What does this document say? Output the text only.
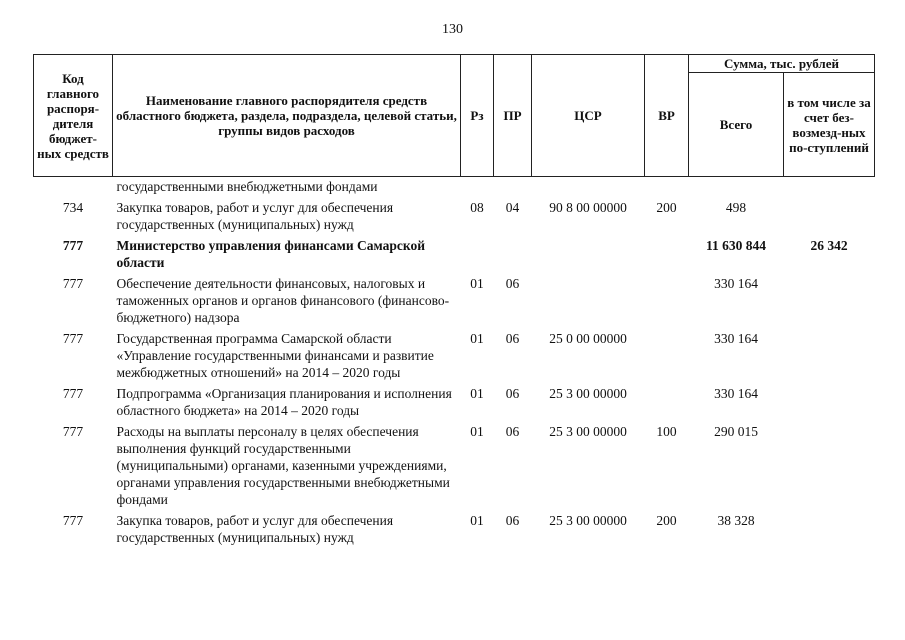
130
Код главного распоря-дителя бюджет-ных средств	Наименование главного распорядителя средств областного бюджета, раздела, подраздела, целевой статьи, группы видов расходов	Рз	ПР	ЦСР	ВР	Сумма, тыс. рублей	
						Всего	в том числе за счет без-возмезд-ных по-ступлений
	государственными внебюджетными фондами						
734	Закупка товаров, работ и услуг для обеспечения государственных (муниципальных) нужд	08	04	90 8 00 00000	200	498	
777	Министерство управления финансами Самарской области					11 630 844	26 342
777	Обеспечение деятельности финансовых, налоговых и таможенных органов и органов финансового (финансово-бюджетного) надзора	01	06			330 164	
777	Государственная программа Самарской области «Управление государственными финансами и развитие межбюджетных отношений» на 2014 – 2020 годы	01	06	25 0 00 00000		330 164	
777	Подпрограмма «Организация планирования и исполнения областного бюджета» на 2014 – 2020 годы	01	06	25 3 00 00000		330 164	
777	Расходы на выплаты персоналу в целях обеспечения выполнения функций государственными (муниципальными) органами, казенными учреждениями, органами управления государственными внебюджетными фондами	01	06	25 3 00 00000	100	290 015	
777	Закупка товаров, работ и услуг для обеспечения государственных (муниципальных) нужд	01	06	25 3 00 00000	200	38 328	
